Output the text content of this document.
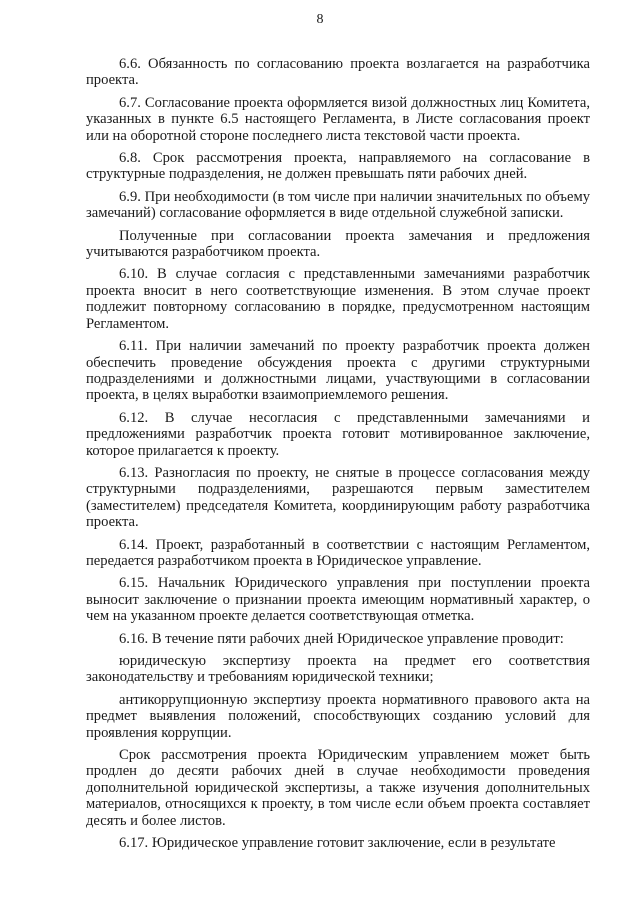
8

6.6. Обязанность по согласованию проекта возлагается на разработчика проекта.

6.7. Согласование проекта оформляется визой должностных лиц Комитета, указанных в пункте 6.5 настоящего Регламента, в Листе согласования проект или на оборотной стороне последнего листа текстовой части проекта.

6.8. Срок рассмотрения проекта, направляемого на согласование в структурные подразделения, не должен превышать пяти рабочих дней.

6.9. При необходимости (в том числе при наличии значительных по объему замечаний) согласование оформляется в виде отдельной служебной записки.

Полученные при согласовании проекта замечания и предложения учитываются разработчиком проекта.

6.10. В случае согласия с представленными замечаниями разработчик проекта вносит в него соответствующие изменения. В этом случае проект подлежит повторному согласованию в порядке, предусмотренном настоящим Регламентом.

6.11. При наличии замечаний по проекту разработчик проекта должен обеспечить проведение обсуждения проекта с другими структурными подразделениями и должностными лицами, участвующими в согласовании проекта, в целях выработки взаимоприемлемого решения.

6.12. В случае несогласия с представленными замечаниями и предложениями разработчик проекта готовит мотивированное заключение, которое прилагается к проекту.

6.13. Разногласия по проекту, не снятые в процессе согласования между структурными подразделениями, разрешаются первым заместителем (заместителем) председателя Комитета, координирующим работу разработчика проекта.

6.14. Проект, разработанный в соответствии с настоящим Регламентом, передается разработчиком проекта в Юридическое управление.

6.15. Начальник Юридического управления при поступлении проекта выносит заключение о признании проекта имеющим нормативный характер, о чем на указанном проекте делается соответствующая отметка.

6.16. В течение пяти рабочих дней Юридическое управление проводит:

юридическую экспертизу проекта на предмет его соответствия законодательству и требованиям юридической техники;

антикоррупционную экспертизу проекта нормативного правового акта на предмет выявления положений, способствующих созданию условий для проявления коррупции.

Срок рассмотрения проекта Юридическим управлением может быть продлен до десяти рабочих дней в случае необходимости проведения дополнительной юридической экспертизы, а также изучения дополнительных материалов, относящихся к проекту, в том числе если объем проекта составляет десять и более листов.

6.17. Юридическое управление готовит заключение, если в результате
